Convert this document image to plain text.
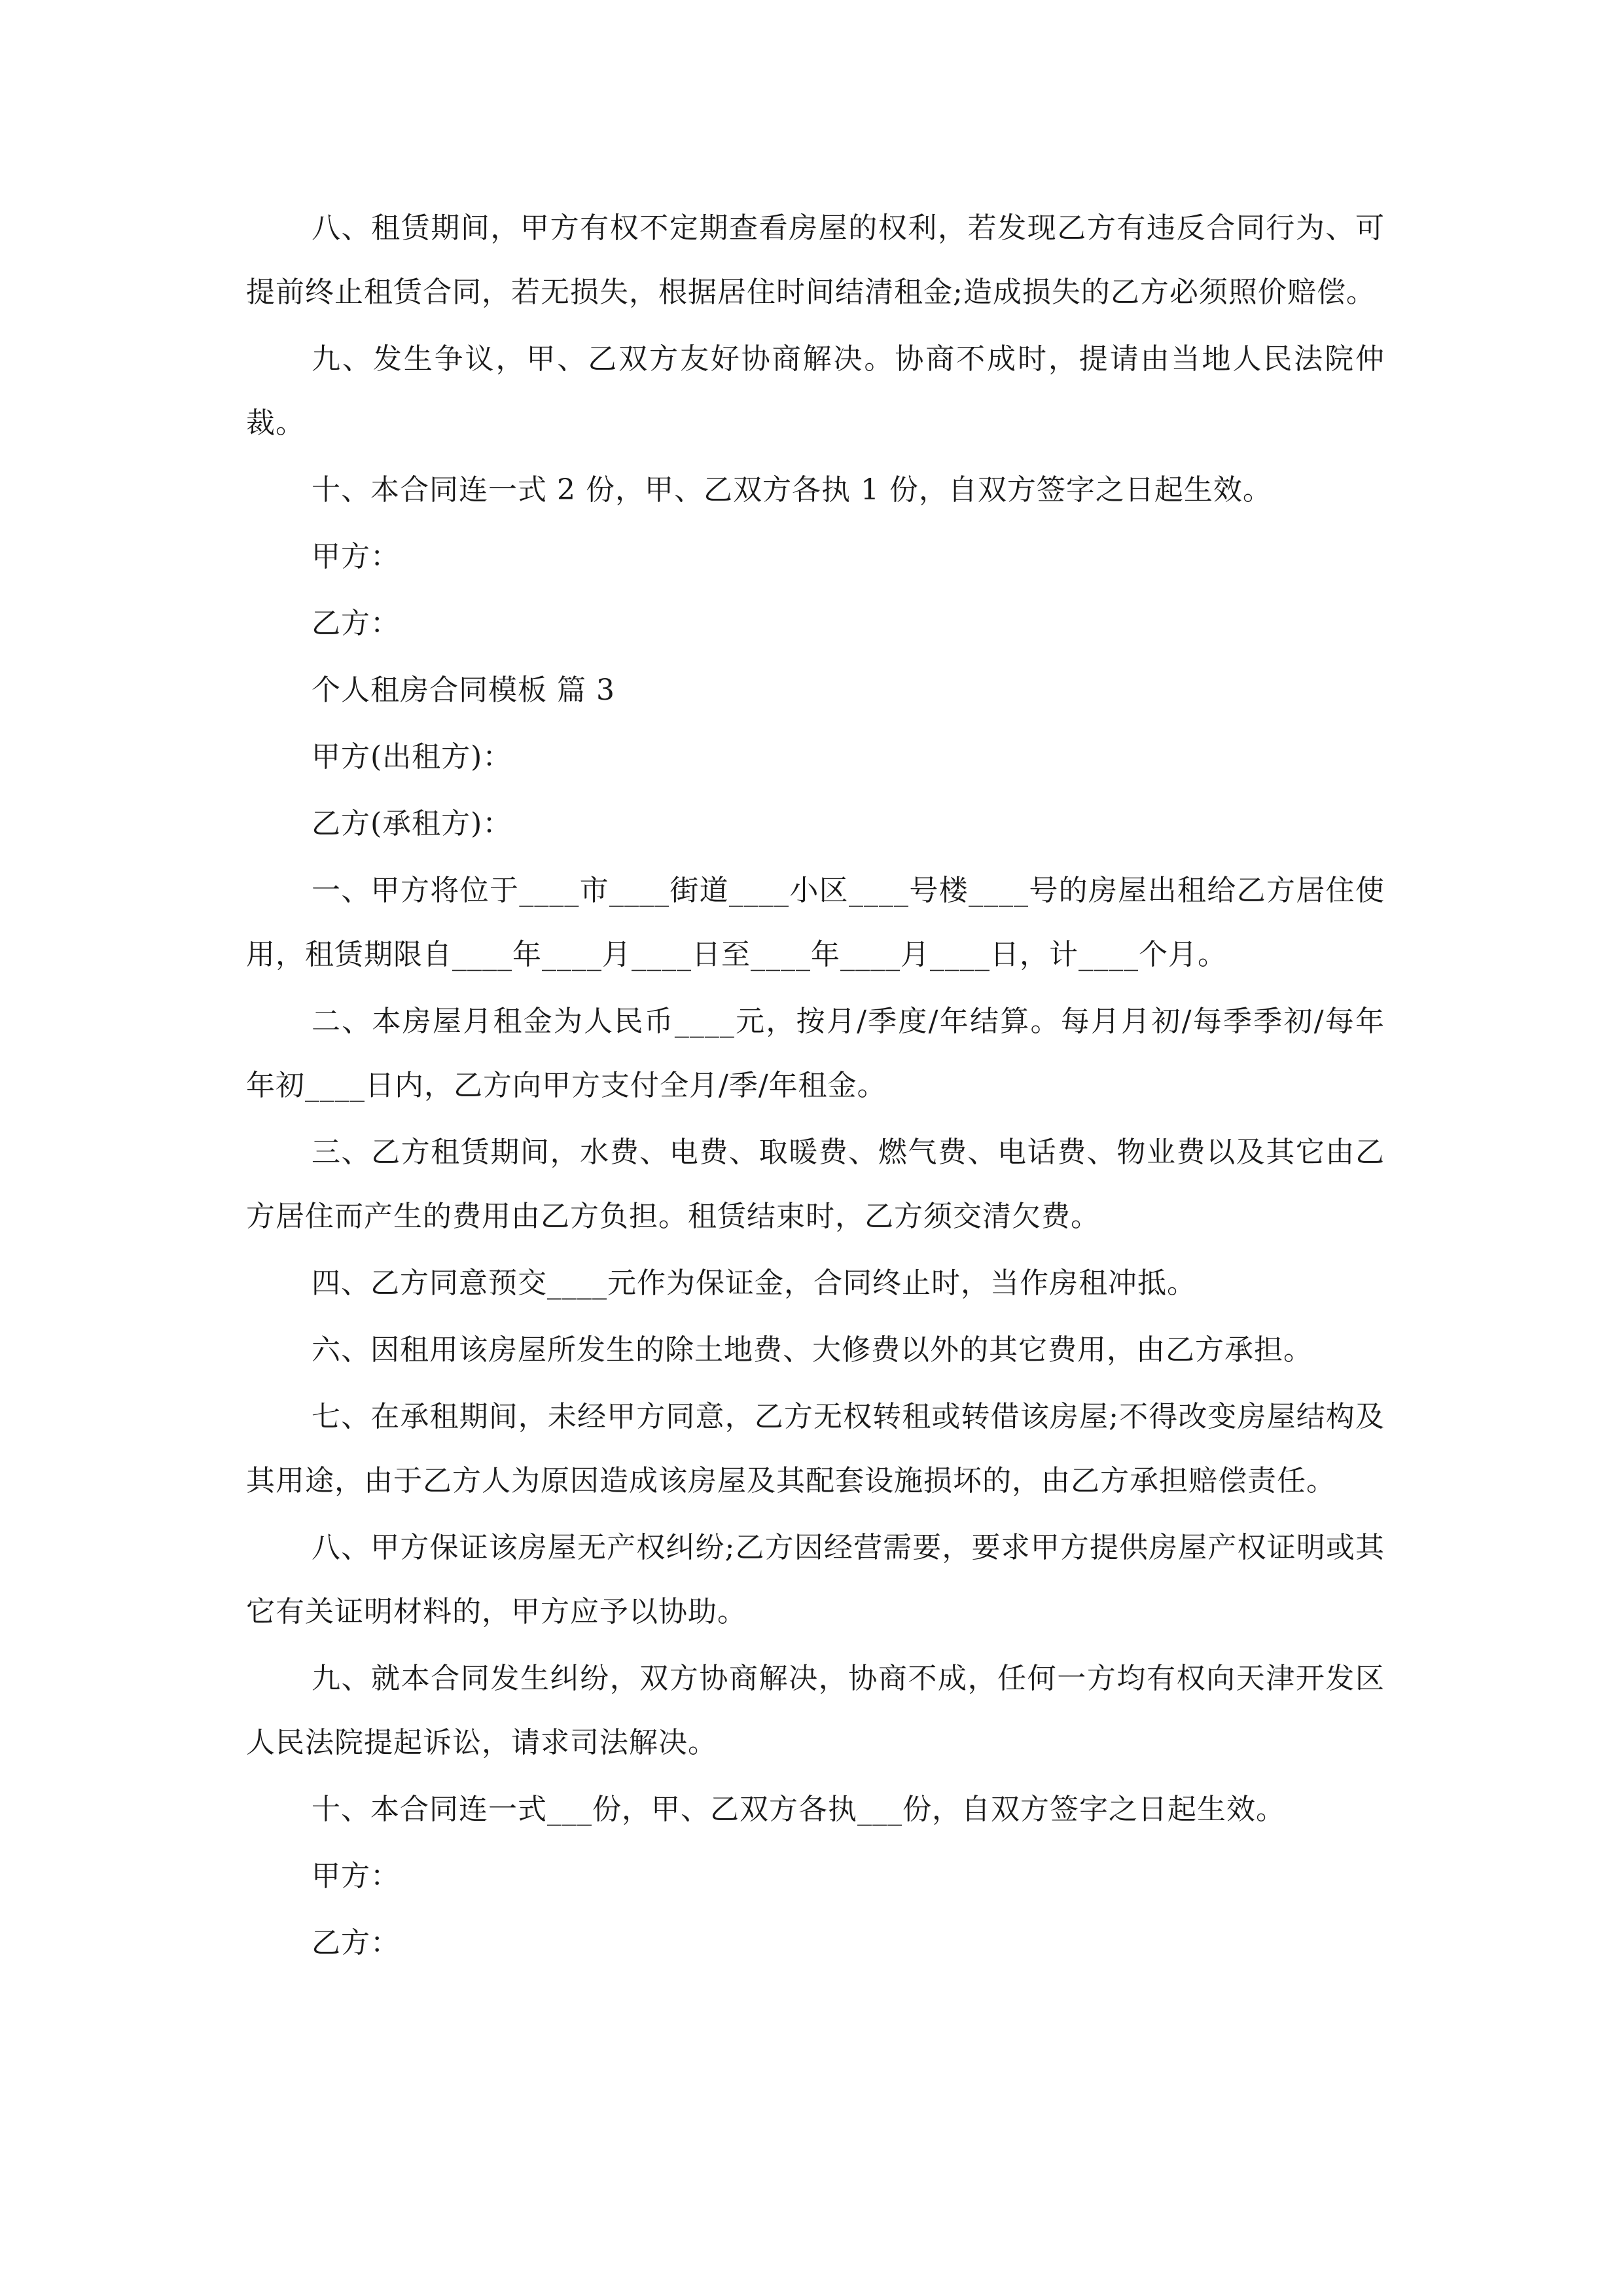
八、租赁期间，甲方有权不定期查看房屋的权利，若发现乙方有违反合同行为、可提前终止租赁合同，若无损失，根据居住时间结清租金;造成损失的乙方必须照价赔偿。

九、发生争议，甲、乙双方友好协商解决。协商不成时，提请由当地人民法院仲裁。

十、本合同连一式 2 份，甲、乙双方各执 1 份，自双方签字之日起生效。

甲方：

乙方：

个人租房合同模板 篇 3

甲方(出租方)：

乙方(承租方)：

一、甲方将位于____市____街道____小区____号楼____号的房屋出租给乙方居住使用，租赁期限自____年____月____日至____年____月____日，计____个月。

二、本房屋月租金为人民币____元，按月/季度/年结算。每月月初/每季季初/每年年初____日内，乙方向甲方支付全月/季/年租金。

三、乙方租赁期间，水费、电费、取暖费、燃气费、电话费、物业费以及其它由乙方居住而产生的费用由乙方负担。租赁结束时，乙方须交清欠费。

四、乙方同意预交____元作为保证金，合同终止时，当作房租冲抵。

六、因租用该房屋所发生的除土地费、大修费以外的其它费用，由乙方承担。

七、在承租期间，未经甲方同意，乙方无权转租或转借该房屋;不得改变房屋结构及其用途，由于乙方人为原因造成该房屋及其配套设施损坏的，由乙方承担赔偿责任。

八、甲方保证该房屋无产权纠纷;乙方因经营需要，要求甲方提供房屋产权证明或其它有关证明材料的，甲方应予以协助。

九、就本合同发生纠纷，双方协商解决，协商不成，任何一方均有权向天津开发区人民法院提起诉讼，请求司法解决。

十、本合同连一式___份，甲、乙双方各执___份，自双方签字之日起生效。

甲方：

乙方：
